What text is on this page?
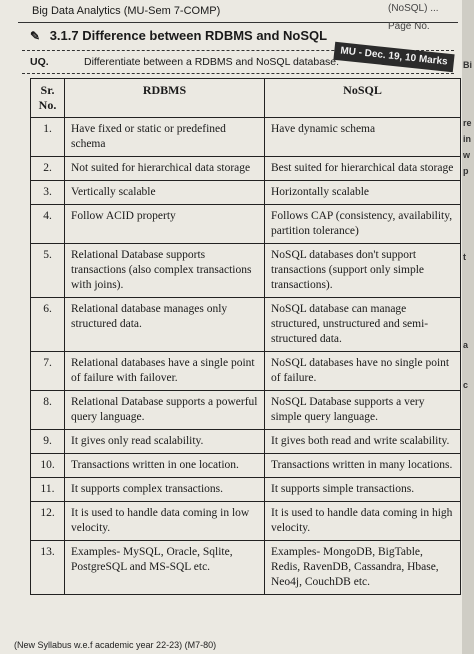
Big Data Analytics (MU-Sem 7-COMP)	(NoSQL) ... Page No.
✎ 3.1.7 Difference between RDBMS and NoSQL
UQ.	Differentiate between a RDBMS and NoSQL database. MU - Dec. 19, 10 Marks
Sr. No.	RDBMS	NoSQL
1.	Have fixed or static or predefined schema	Have dynamic schema
2.	Not suited for hierarchical data storage	Best suited for hierarchical data storage
3.	Vertically scalable	Horizontally scalable
4.	Follow ACID property	Follows CAP (consistency, availability, partition tolerance)
5.	Relational Database supports transactions (also complex transactions with joins).	NoSQL databases don't support transactions (support only simple transactions).
6.	Relational database manages only structured data.	NoSQL database can manage structured, unstructured and semi-structured data.
7.	Relational databases have a single point of failure with failover.	NoSQL databases have no single point of failure.
8.	Relational Database supports a powerful query language.	NoSQL Database supports a very simple query language.
9.	It gives only read scalability.	It gives both read and write scalability.
10.	Transactions written in one location.	Transactions written in many locations.
11.	It supports complex transactions.	It supports simple transactions.
12.	It is used to handle data coming in low velocity.	It is used to handle data coming in high velocity.
13.	Examples- MySQL, Oracle, Sqlite, PostgreSQL and MS-SQL etc.	Examples- MongoDB, BigTable, Redis, RavenDB, Cassandra, Hbase, Neo4j, CouchDB etc.
Bi
re
in
w
p
t
a
c
(New Syllabus w.e.f academic year 22-23) (M7-80)
